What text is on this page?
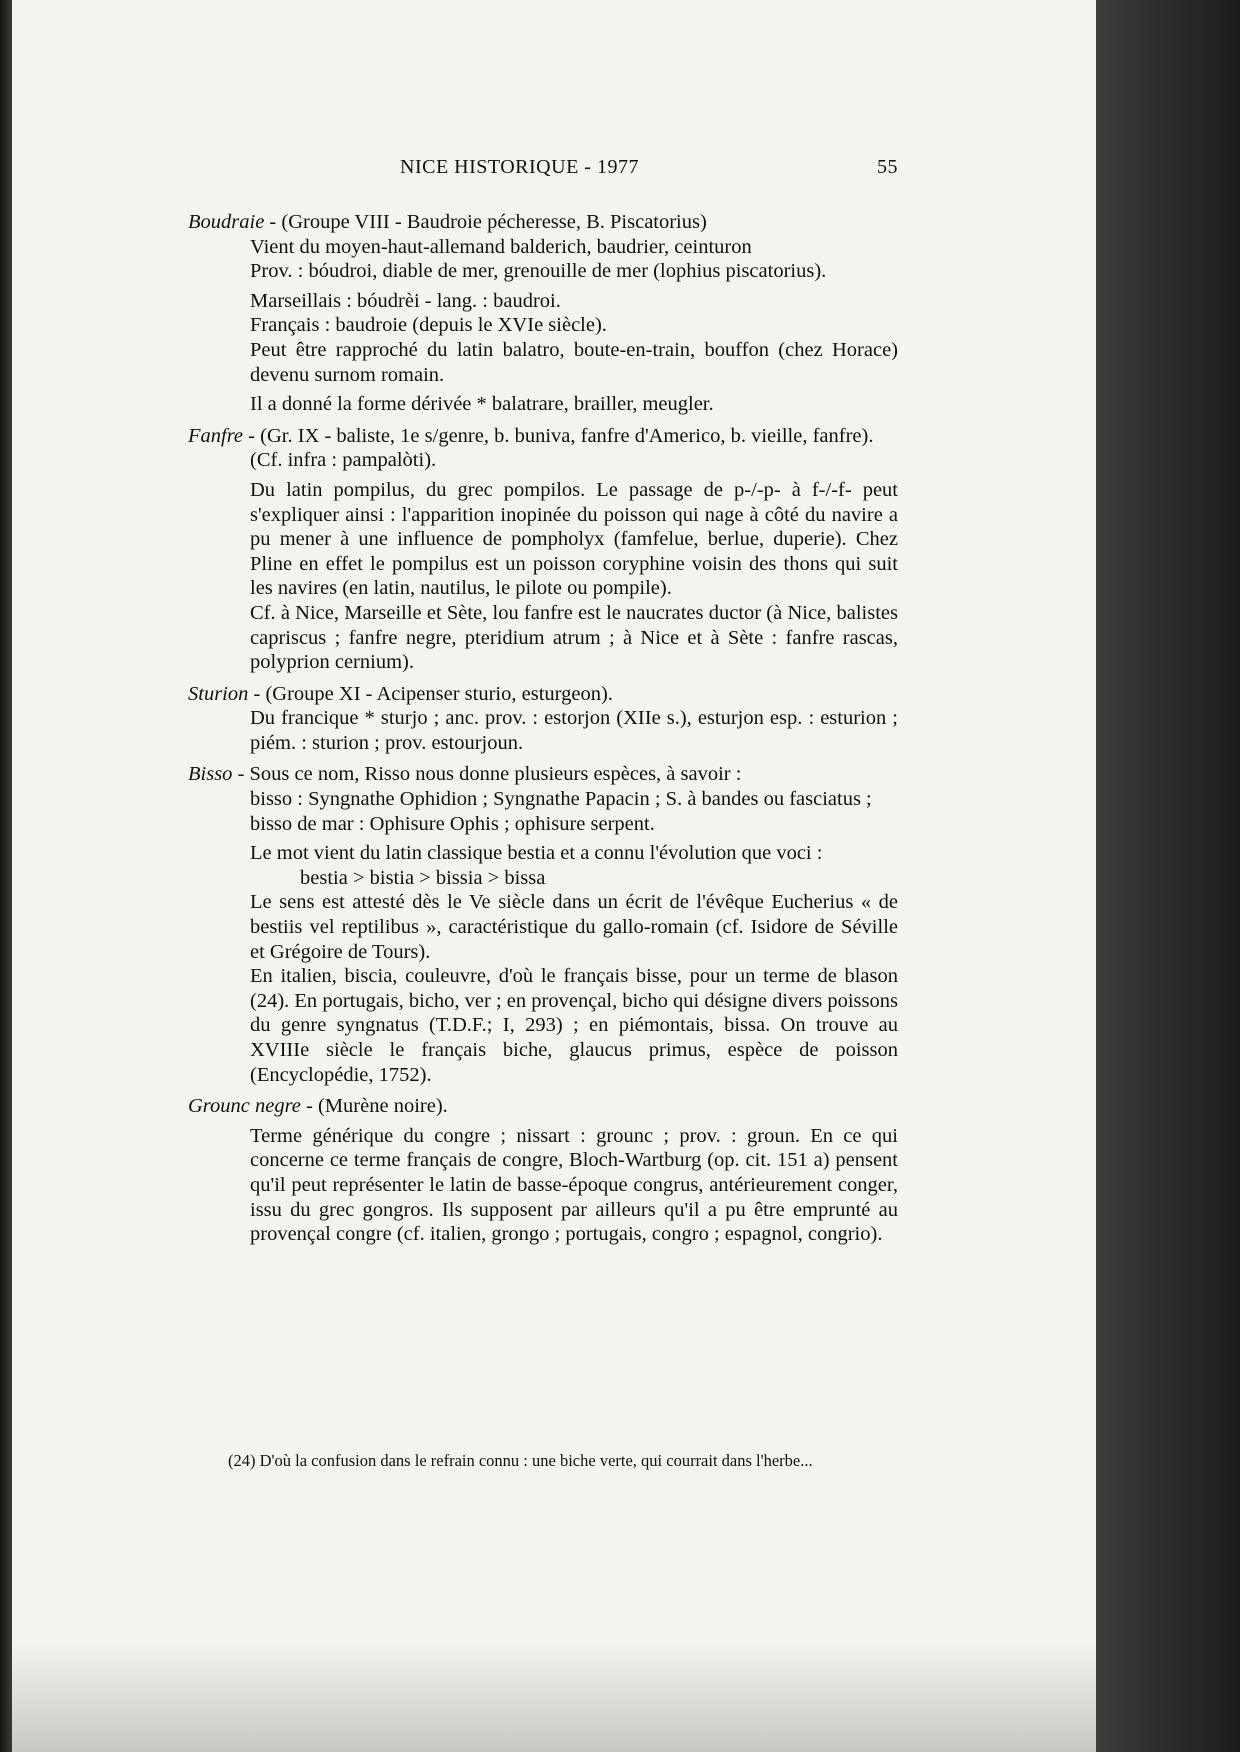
NICE HISTORIQUE - 1977	55
Boudraie - (Groupe VIII - Baudroie pécheresse, B. Piscatorius)
Vient du moyen-haut-allemand balderich, baudrier, ceinturon
Prov. : bóudroi, diable de mer, grenouille de mer (lophius piscatorius).
Marseillais : bóudrèi - lang. : baudroi.
Français : baudroie (depuis le XVIe siècle).
Peut être rapproché du latin balatro, boute-en-train, bouffon (chez Horace) devenu surnom romain.
Il a donné la forme dérivée * balatrare, brailler, meugler.
Fanfre - (Gr. IX - baliste, 1e s/genre, b. buniva, fanfre d'Americo, b. vieille, fanfre).
(Cf. infra : pampalòti).
Du latin pompilus, du grec pompilos. Le passage de p-/-p- à f-/-f- peut s'expliquer ainsi : l'apparition inopinée du poisson qui nage à côté du navire a pu mener à une influence de pompholyx (famfelue, berlue, duperie). Chez Pline en effet le pompilus est un poisson coryphine voisin des thons qui suit les navires (en latin, nautilus, le pilote ou pompile).
Cf. à Nice, Marseille et Sète, lou fanfre est le naucrates ductor (à Nice, balistes capriscus ; fanfre negre, pteridium atrum ; à Nice et à Sète : fanfre rascas, polyprion cernium).
Sturion - (Groupe XI - Acipenser sturio, esturgeon).
Du francique * sturjo ; anc. prov. : estorjon (XIIe s.), esturjon esp. : esturion ; piém. : sturion ; prov. estourjoun.
Bisso - Sous ce nom, Risso nous donne plusieurs espèces, à savoir :
bisso : Syngnathe Ophidion ; Syngnathe Papacin ; S. à bandes ou fasciatus ;
bisso de mar : Ophisure Ophis ; ophisure serpent.
Le mot vient du latin classique bestia et a connu l'évolution que voci :
bestia > bistia > bissia > bissa
Le sens est attesté dès le Ve siècle dans un écrit de l'évêque Eucherius « de bestiis vel reptilibus », caractéristique du gallo-romain (cf. Isidore de Séville et Grégoire de Tours).
En italien, biscia, couleuvre, d'où le français bisse, pour un terme de blason (24). En portugais, bicho, ver ; en provençal, bicho qui désigne divers poissons du genre syngnatus (T.D.F.; I, 293) ; en piémontais, bissa. On trouve au XVIIIe siècle le français biche, glaucus primus, espèce de poisson (Encyclopédie, 1752).
Grounc negre - (Murène noire).
Terme générique du congre ; nissart : grounc ; prov. : groun. En ce qui concerne ce terme français de congre, Bloch-Wartburg (op. cit. 151 a) pensent qu'il peut représenter le latin de basse-époque congrus, antérieurement conger, issu du grec gongros. Ils supposent par ailleurs qu'il a pu être emprunté au provençal congre (cf. italien, grongo ; portugais, congro ; espagnol, congrio).
(24) D'où la confusion dans le refrain connu : une biche verte, qui courrait dans l'herbe...
